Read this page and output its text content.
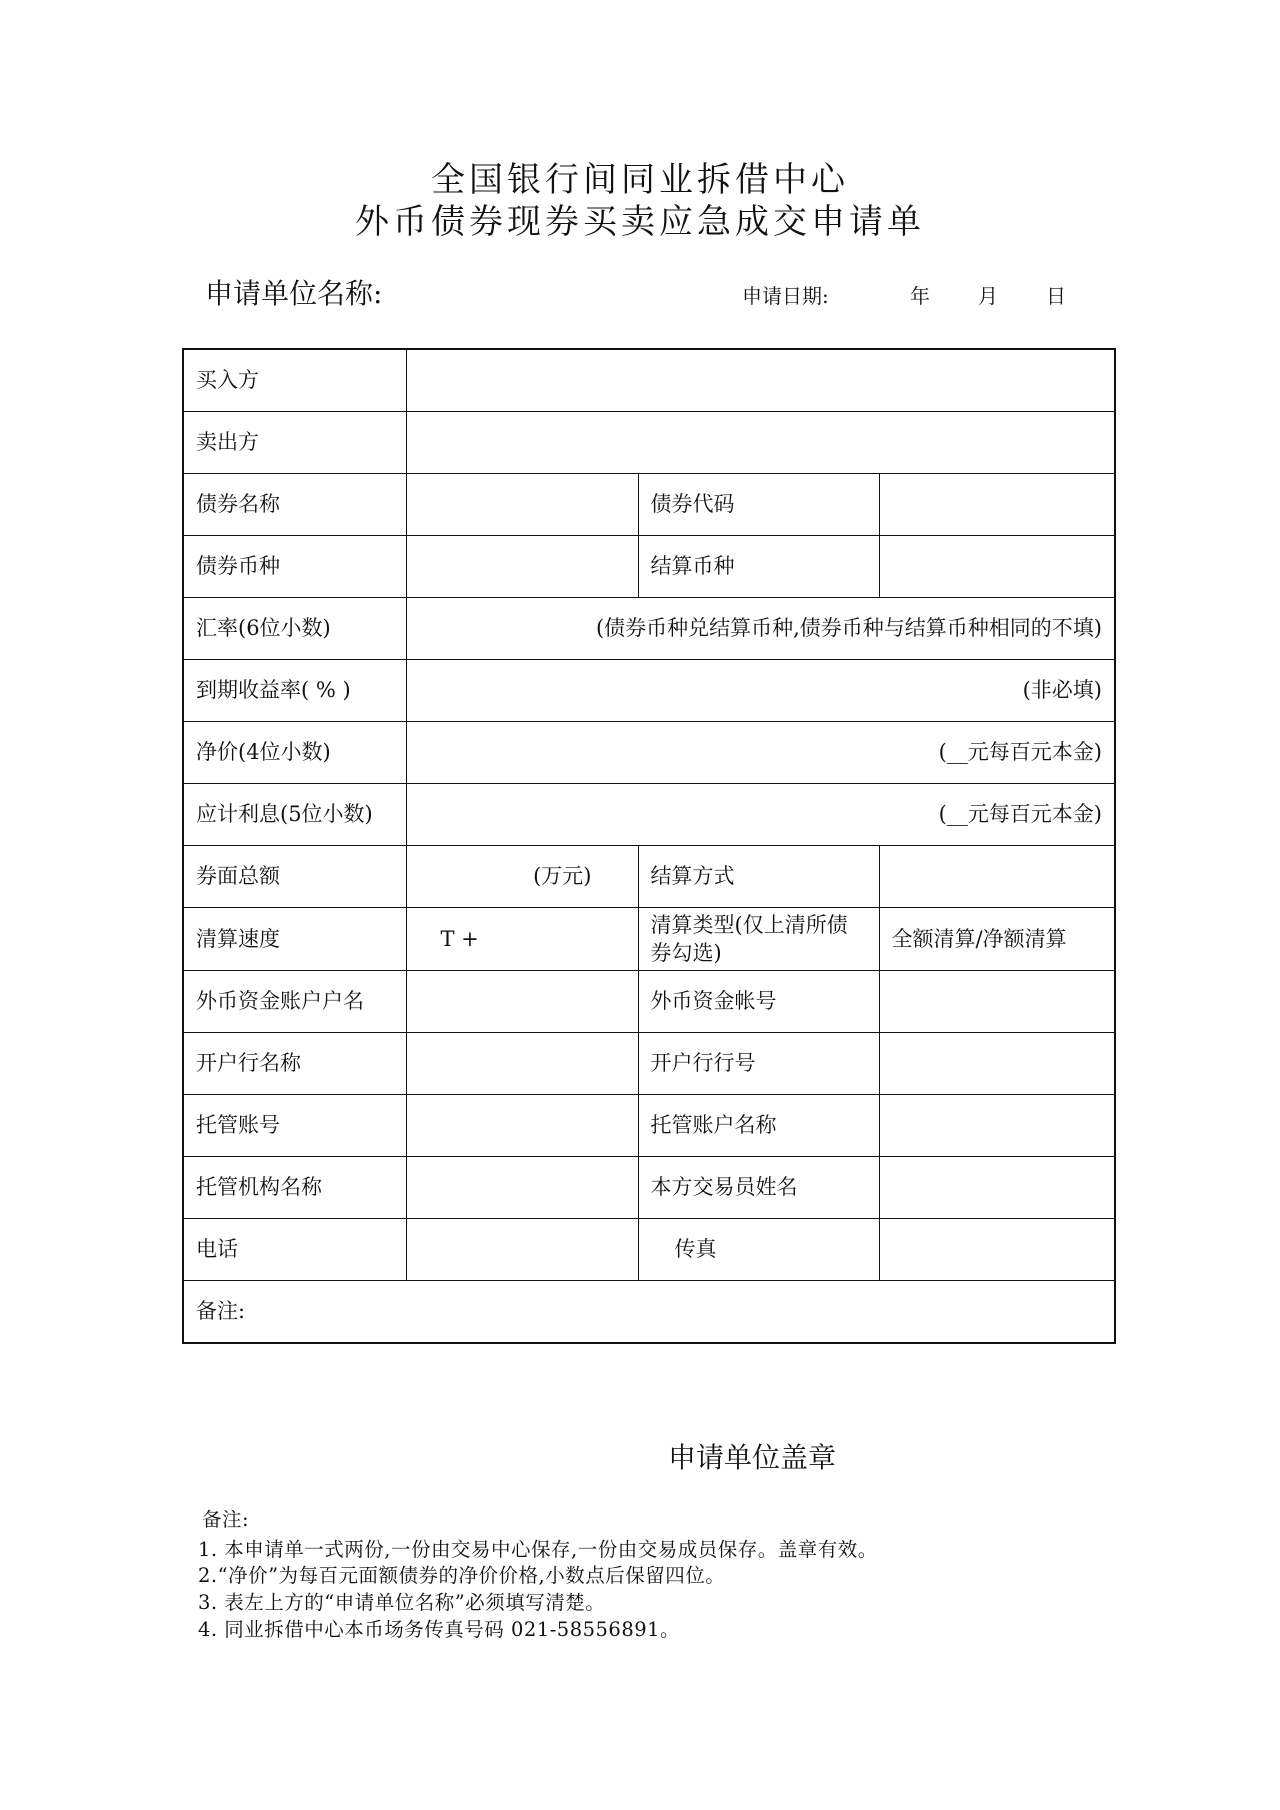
全国银行间同业拆借中心
外币债券现券买卖应急成交申请单
申请单位名称:	申请日期:	年 月 日
买入方			
卖出方			
债券名称		债券代码	
债券币种		结算币种	
汇率(6位小数)	(债券币种兑结算币种,债券币种与结算币种相同的不填)		
到期收益率( % )	(非必填)		
净价(4位小数)	(__元每百元本金)		
应计利息(5位小数)	(__元每百元本金)		
券面总额	(万元)	结算方式	
清算速度	T +	清算类型(仅上清所债券勾选)	全额清算/净额清算
外币资金账户户名		外币资金帐号	
开户行名称		开户行行号	
托管账号		托管账户名称	
托管机构名称		本方交易员姓名	
电话		传真	
备注:			
申请单位盖章
备注:
1. 本申请单一式两份,一份由交易中心保存,一份由交易成员保存。盖章有效。
2.“净价”为每百元面额债券的净价价格,小数点后保留四位。
3. 表左上方的“申请单位名称”必须填写清楚。
4. 同业拆借中心本币场务传真号码 021-58556891。
